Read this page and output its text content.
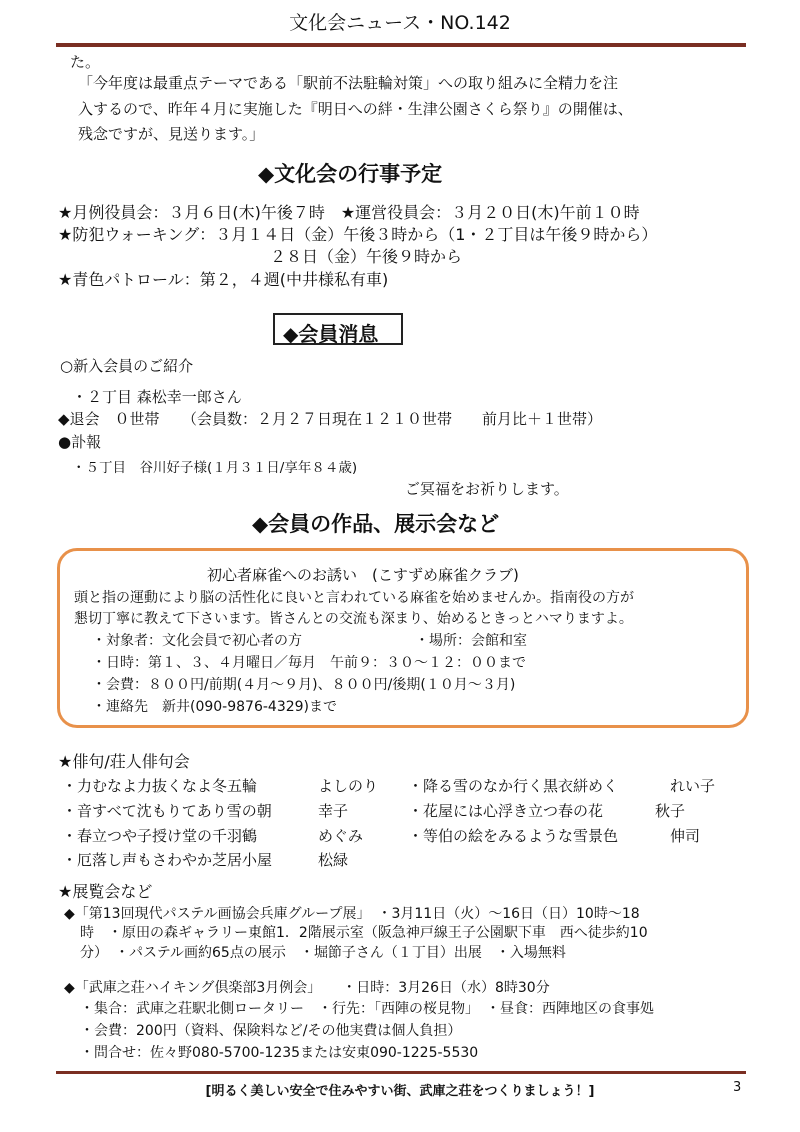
文化会ニュース・NO.142
た。
「今年度は最重点テーマである「駅前不法駐輪対策」への取り組みに全精力を注
入するので、昨年４月に実施した『明日への絆・生津公園さくら祭り』の開催は、
残念ですが、見送ります。」
◆文化会の行事予定
★月例役員会：３月６日(木)午後７時　★運営役員会：３月２０日(木)午前１０時
★防犯ウォーキング：３月１４日（金）午後３時から（1・２丁目は午後９時から）
２８日（金）午後９時から
★青色パトロール：第２，４週(中井様私有車)
◆会員消息
○新入会員のご紹介
・２丁目 森松幸一郎さん
◆退会　０世帯　　（会員数：２月２７日現在１２１０世帯　　前月比＋１世帯）
●訃報
・５丁目　谷川好子様(１月３１日/享年８４歳)
ご冥福をお祈りします。
◆会員の作品、展示会など
初心者麻雀へのお誘い　(こすずめ麻雀クラブ)
頭と指の運動により脳の活性化に良いと言われている麻雀を始めませんか。指南役の方が
懇切丁寧に教えて下さいます。皆さんとの交流も深まり、始めるときっとハマりますよ。
・対象者：文化会員で初心者の方	・場所：会館和室
・日時：第１、３、４月曜日／毎月　午前９：３０～１２：００まで
・会費：８００円/前期(４月～９月)、８００円/後期(１０月～３月)
・連絡先　新井(090-9876-4329)まで
★俳句/荘人俳句会
・力むなよ力抜くなよ冬五輪	よしのり ・降る雪のなか行く黒衣絣めく	れい子
・音すべて沈もりてあり雪の朝	幸子	・花屋には心浮き立つ春の花	秋子
・春立つや子授け堂の千羽鶴	めぐみ	・等伯の絵をみるような雪景色	伸司
・厄落し声もさわやか芝居小屋	松緑
★展覧会など
◆「第13回現代パステル画協会兵庫グループ展」　・3月11日（火）～16日（日）10時～18
時　・原田の森ギャラリー東館1．2階展示室（阪急神戸線王子公園駅下車　西へ徒歩約10
分）　・パステル画約65点の展示　・堀節子さん（１丁目）出展　・入場無料
◆「武庫之荘ハイキング倶楽部3月例会」　　・日時：3月26日（水）8時30分
・集合：武庫之荘駅北側ロータリー　・行先：「西陣の桜見物」　・昼食：西陣地区の食事処
・会費：200円（資料、保険料など/その他実費は個人負担）
・問合せ：佐々野080-5700-1235または安東090-1225-5530
[明るく美しい安全で住みやすい街、武庫之荘をつくりましょう！]	3
